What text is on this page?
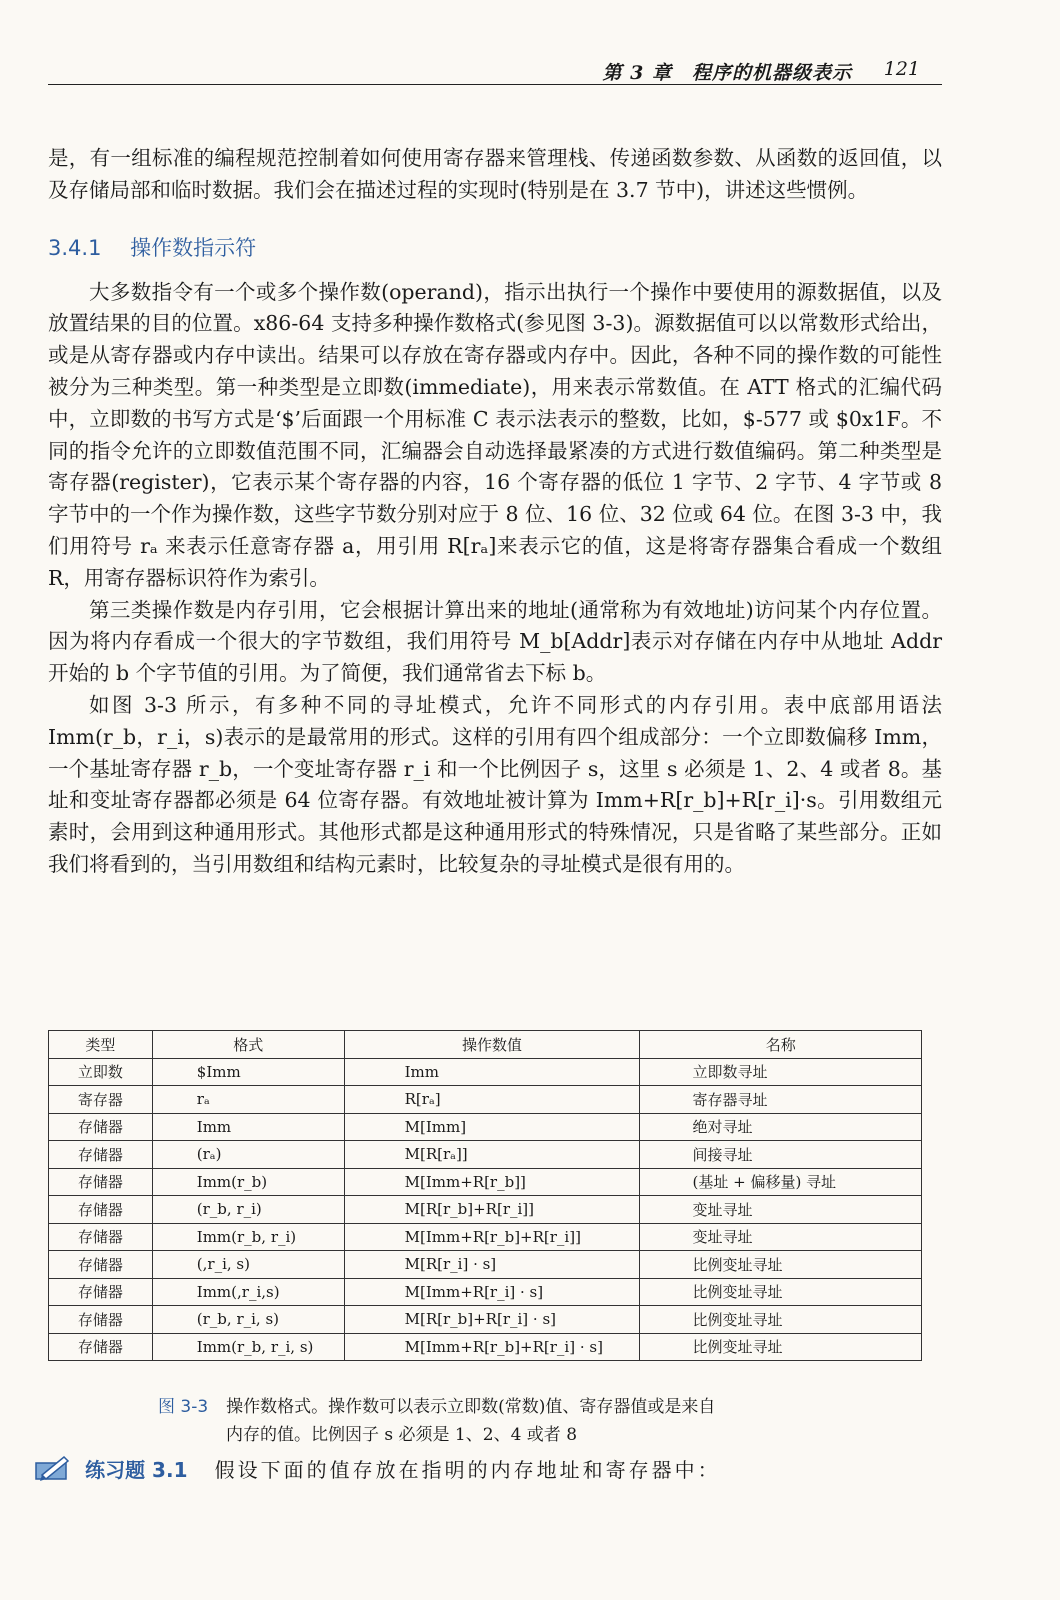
第 3 章　程序的机器级表示 121

是，有一组标准的编程规范控制着如何使用寄存器来管理栈、传递函数参数、从函数的返回值，以及存储局部和临时数据。我们会在描述过程的实现时(特别是在 3.7 节中)，讲述这些惯例。

3.4.1 操作数指示符

大多数指令有一个或多个操作数(operand)，指示出执行一个操作中要使用的源数据值，以及放置结果的目的位置。x86-64 支持多种操作数格式(参见图 3-3)。源数据值可以以常数形式给出，或是从寄存器或内存中读出。结果可以存放在寄存器或内存中。因此，各种不同的操作数的可能性被分为三种类型。第一种类型是立即数(immediate)，用来表示常数值。在 ATT 格式的汇编代码中，立即数的书写方式是‘$’后面跟一个用标准 C 表示法表示的整数，比如，$-577 或 $0x1F。不同的指令允许的立即数值范围不同，汇编器会自动选择最紧凑的方式进行数值编码。第二种类型是寄存器(register)，它表示某个寄存器的内容，16 个寄存器的低位 1 字节、2 字节、4 字节或 8 字节中的一个作为操作数，这些字节数分别对应于 8 位、16 位、32 位或 64 位。在图 3-3 中，我们用符号 rₐ 来表示任意寄存器 a，用引用 R[rₐ]来表示它的值，这是将寄存器集合看成一个数组 R，用寄存器标识符作为索引。

第三类操作数是内存引用，它会根据计算出来的地址(通常称为有效地址)访问某个内存位置。因为将内存看成一个很大的字节数组，我们用符号 M_b[Addr]表示对存储在内存中从地址 Addr 开始的 b 个字节值的引用。为了简便，我们通常省去下标 b。

如图 3-3 所示，有多种不同的寻址模式，允许不同形式的内存引用。表中底部用语法 Imm(r_b，r_i，s)表示的是最常用的形式。这样的引用有四个组成部分：一个立即数偏移 Imm，一个基址寄存器 r_b，一个变址寄存器 r_i 和一个比例因子 s，这里 s 必须是 1、2、4 或者 8。基址和变址寄存器都必须是 64 位寄存器。有效地址被计算为 Imm+R[r_b]+R[r_i]·s。引用数组元素时，会用到这种通用形式。其他形式都是这种通用形式的特殊情况，只是省略了某些部分。正如我们将看到的，当引用数组和结构元素时，比较复杂的寻址模式是很有用的。

类型	格式	操作数值	名称
立即数	$Imm	Imm	立即数寻址
寄存器	rₐ	R[rₐ]	寄存器寻址
存储器	Imm	M[Imm]	绝对寻址
存储器	(rₐ)	M[R[rₐ]]	间接寻址
存储器	Imm(r_b)	M[Imm+R[r_b]]	(基址 + 偏移量) 寻址
存储器	(r_b, r_i)	M[R[r_b]+R[r_i]]	变址寻址
存储器	Imm(r_b, r_i)	M[Imm+R[r_b]+R[r_i]]	变址寻址
存储器	(,r_i, s)	M[R[r_i] · s]	比例变址寻址
存储器	Imm(,r_i,s)	M[Imm+R[r_i] · s]	比例变址寻址
存储器	(r_b, r_i, s)	M[R[r_b]+R[r_i] · s]	比例变址寻址
存储器	Imm(r_b, r_i, s)	M[Imm+R[r_b]+R[r_i] · s]	比例变址寻址
图 3-3 操作数格式。操作数可以表示立即数(常数)值、寄存器值或是来自
内存的值。比例因子 s 必须是 1、2、4 或者 8
练习题 3.1 假设下面的值存放在指明的内存地址和寄存器中：
